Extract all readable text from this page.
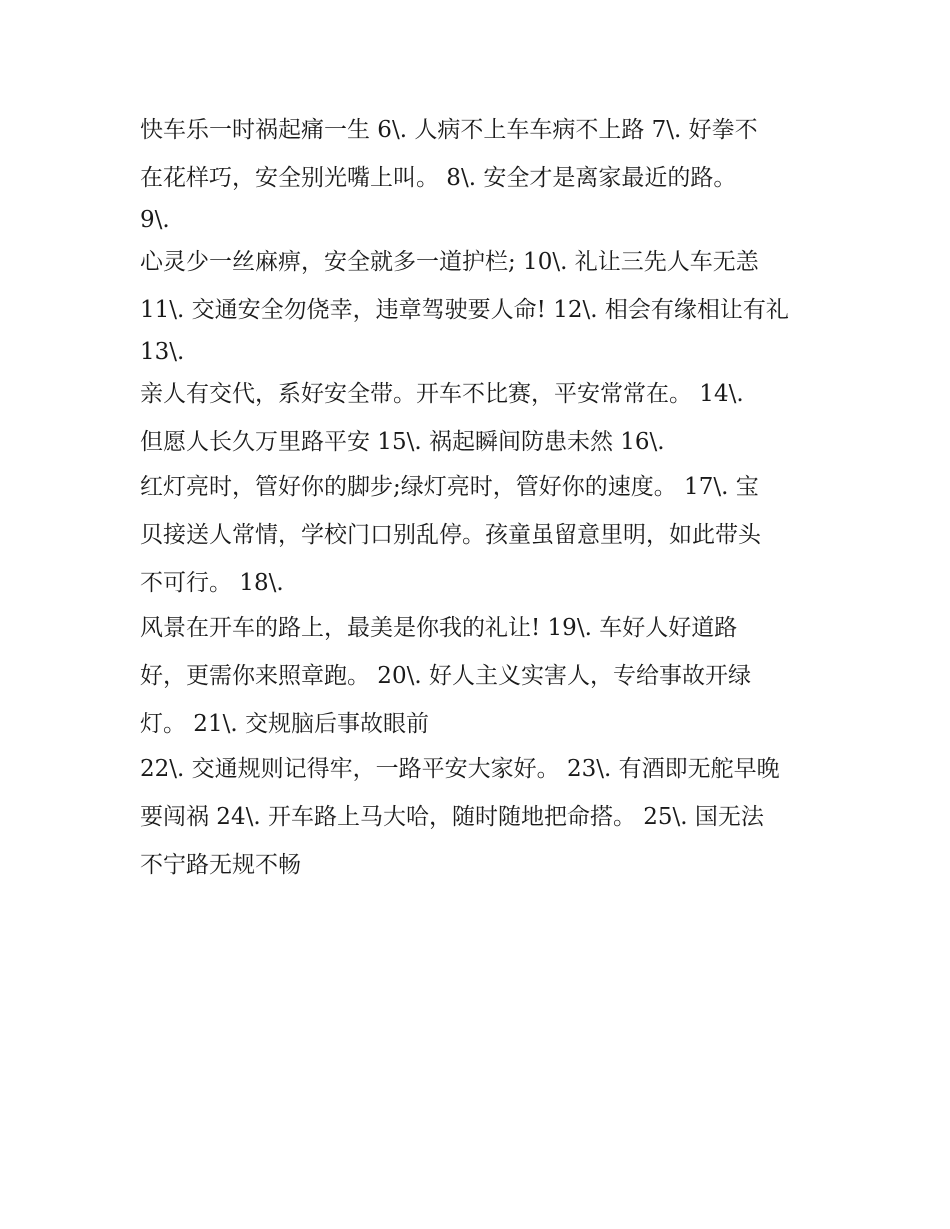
快车乐一时祸起痛一生 6\. 人病不上车车病不上路 7\. 好拳不
在花样巧，安全别光嘴上叫。 8\. 安全才是离家最近的路。
9\.
心灵少一丝麻痹，安全就多一道护栏; 10\. 礼让三先人车无恙
11\. 交通安全勿侥幸，违章驾驶要人命! 12\. 相会有缘相让有礼
13\.
亲人有交代，系好安全带。开车不比赛，平安常常在。 14\.
但愿人长久万里路平安 15\. 祸起瞬间防患未然 16\.
红灯亮时，管好你的脚步;绿灯亮时，管好你的速度。 17\. 宝
贝接送人常情，学校门口别乱停。孩童虽留意里明，如此带头
不可行。 18\.
风景在开车的路上，最美是你我的礼让! 19\. 车好人好道路
好，更需你来照章跑。 20\. 好人主义实害人，专给事故开绿
灯。 21\. 交规脑后事故眼前
22\. 交通规则记得牢，一路平安大家好。 23\. 有酒即无舵早晚
要闯祸 24\. 开车路上马大哈，随时随地把命搭。 25\. 国无法
不宁路无规不畅
